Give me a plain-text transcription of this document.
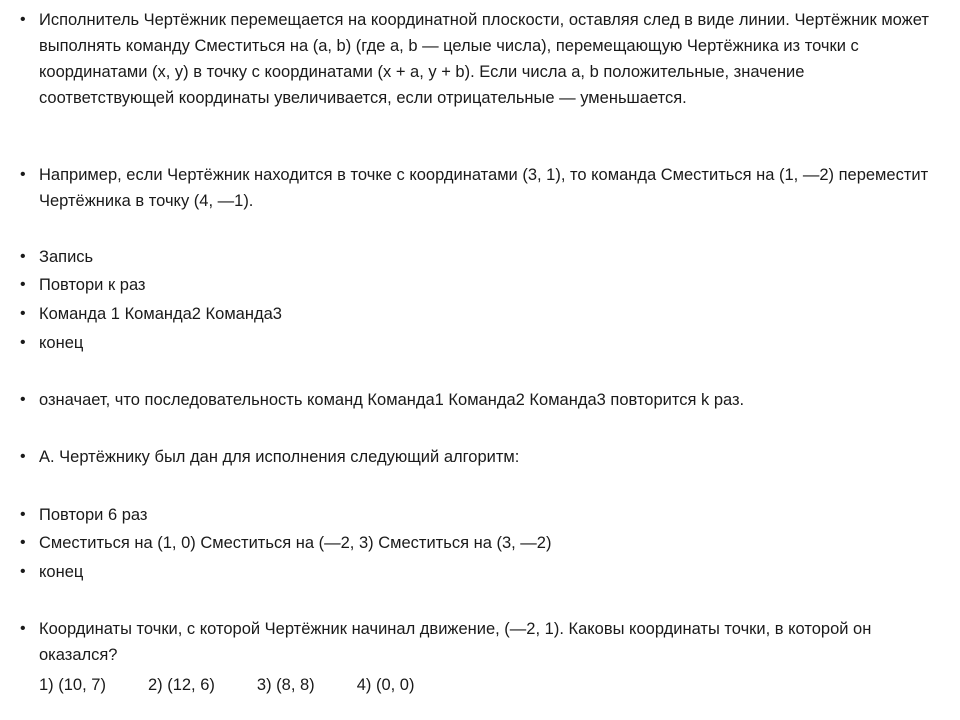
• Исполнитель Чертёжник перемещается на координатной плоскости, оставляя след в виде линии. Чертёжник может выполнять команду Сместиться на (a, b) (где a, b — целые числа), перемещающую Чертёжника из точки с координатами (х, у) в точку с координатами (х + а, у + b). Если числа a, b положительные, значение соответствующей координаты увеличивается, если отрицательные — уменьшается.
• Например, если Чертёжник находится в точке с координатами (3, 1), то команда Сместиться на (1, —2) переместит Чертёжника в точку (4, —1).
• Запись
• Повтори к раз
• Команда 1 Команда2 Команда3
• конец
• означает, что последовательность команд Команда1 Команда2 Команда3 повторится k раз.
• А. Чертёжнику был дан для исполнения следующий алгоритм:
• Повтори 6 раз
• Сместиться на (1, 0) Сместиться на (—2, 3) Сместиться на (3, —2)
• конец
• Координаты точки, с которой Чертёжник начинал движение, (—2, 1). Каковы координаты точки, в которой он оказался?
1) (10, 7)	2) (12, 6)	3) (8, 8)	4) (0, 0)
